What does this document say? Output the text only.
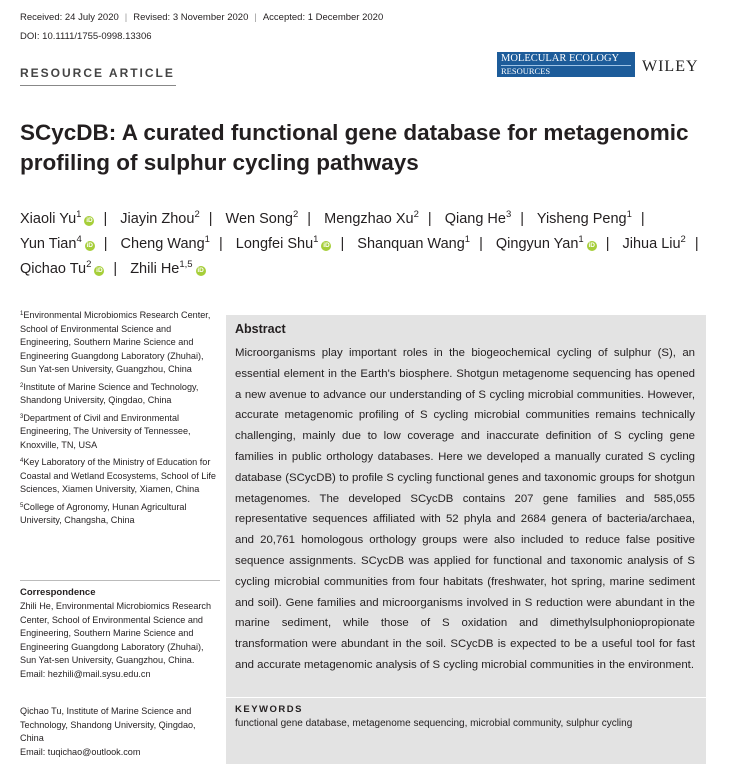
Received: 24 July 2020 | Revised: 3 November 2020 | Accepted: 1 December 2020
DOI: 10.1111/1755-0998.13306
RESOURCE ARTICLE
MOLECULAR ECOLOGY
RESOURCES	WILEY
SCycDB: A curated functional gene database for metagenomic profiling of sulphur cycling pathways
Xiaoli Yu$^1$iD | Jiayin Zhou$^2$ | Wen Song$^2$ | Mengzhao Xu$^2$ | Qiang He$^3$ | Yisheng Peng$^1$ | Yun Tian$^4$iD | Cheng Wang$^1$ | Longfei Shu$^1$iD | Shanquan Wang$^1$ | Qingyun Yan$^1$iD | Jihua Liu$^2$ | Qichao Tu$^2$iD | Zhili He$^{1,5}$iD
$^1$Environmental Microbiomics Research Center, School of Environmental Science and Engineering, Southern Marine Science and Engineering Guangdong Laboratory (Zhuhai), Sun Yat-sen University, Guangzhou, China
$^2$Institute of Marine Science and Technology, Shandong University, Qingdao, China
$^3$Department of Civil and Environmental Engineering, The University of Tennessee, Knoxville, TN, USA
$^4$Key Laboratory of the Ministry of Education for Coastal and Wetland Ecosystems, School of Life Sciences, Xiamen University, Xiamen, China
$^5$College of Agronomy, Hunan Agricultural University, Changsha, China
Correspondence
Zhili He, Environmental Microbiomics Research Center, School of Environmental Science and Engineering, Southern Marine Science and Engineering Guangdong Laboratory (Zhuhai), Sun Yat-sen University, Guangzhou, China.
Email: hezhili@mail.sysu.edu.cn
Qichao Tu, Institute of Marine Science and Technology, Shandong University, Qingdao, China
Email: tuqichao@outlook.com
Abstract

Microorganisms play important roles in the biogeochemical cycling of sulphur (S), an essential element in the Earth's biosphere. Shotgun metagenome sequencing has opened a new avenue to advance our understanding of S cycling microbial communities. However, accurate metagenomic profiling of S cycling microbial communities remains technically challenging, mainly due to low coverage and inaccurate definition of S cycling gene families in public orthology databases. Here we developed a manually curated S cycling database (SCycDB) to profile S cycling functional genes and taxonomic groups for shotgun metagenomes. The developed SCycDB contains 207 gene families and 585,055 representative sequences affiliated with 52 phyla and 2684 genera of bacteria/archaea, and 20,761 homologous orthology groups were also included to reduce false positive sequence assignments. SCycDB was applied for functional and taxonomic analysis of S cycling microbial communities from four habitats (freshwater, hot spring, marine sediment and soil). Gene families and microorganisms involved in S reduction were abundant in the marine sediment, while those of S oxidation and dimethylsulphoniopropionate transformation were abundant in the soil. SCycDB is expected to be a useful tool for fast and accurate metagenomic analysis of S cycling microbial communities in the environment.

KEYWORDS
functional gene database, metagenome sequencing, microbial community, sulphur cycling
